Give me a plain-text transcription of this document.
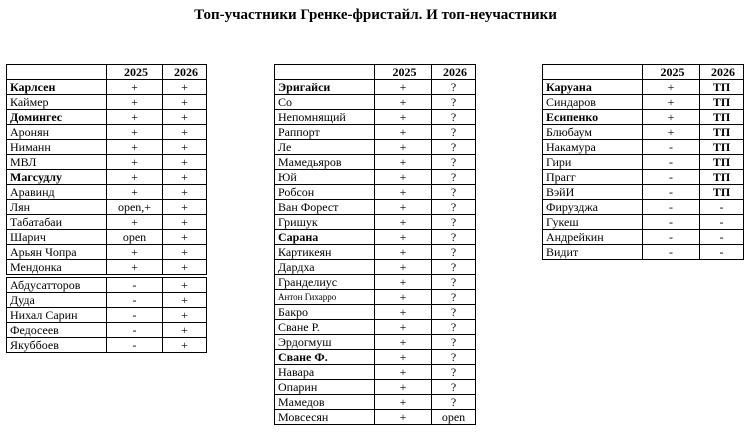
Топ-участники Гренке-фристайл. И топ-неучастники
	2025	2026
Карлсен	+	+
Каймер	+	+
Домингес	+	+
Аронян	+	+
Ниманн	+	+
МВЛ	+	+
Магсудлу	+	+
Аравинд	+	+
Лян	open,+	+
Табатабаи	+	+
Шарич	open	+
Арьян Чопра	+	+
Мендонка	+	+
Абдусатторов	-	+
Дуда	-	+
Нихал Сарин	-	+
Федосеев	-	+
Якуббоев	-	+
	2025	2026
Эригайси	+	?
Со	+	?
Непомнящий	+	?
Раппорт	+	?
Ле	+	?
Мамедьяров	+	?
Юй	+	?
Робсон	+	?
Ван Форест	+	?
Гришук	+	?
Сарана	+	?
Картикеян	+	?
Дардха	+	?
Гранделиус	+	?
Антон Гихарро	+	?
Бакро	+	?
Сване Р.	+	?
Эрдогмуш	+	?
Сване Ф.	+	?
Навара	+	?
Опарин	+	?
Мамедов	+	?
Мовсесян	+	open
	2025	2026
Каруана	+	ТП
Синдаров	+	ТП
Есипенко	+	ТП
Блюбаум	+	ТП
Накамура	-	ТП
Гири	-	ТП
Прагг	-	ТП
ВэйИ	-	ТП
Фирузджа	-	-
Гукеш	-	-
Андрейкин	-	-
Видит	-	-
